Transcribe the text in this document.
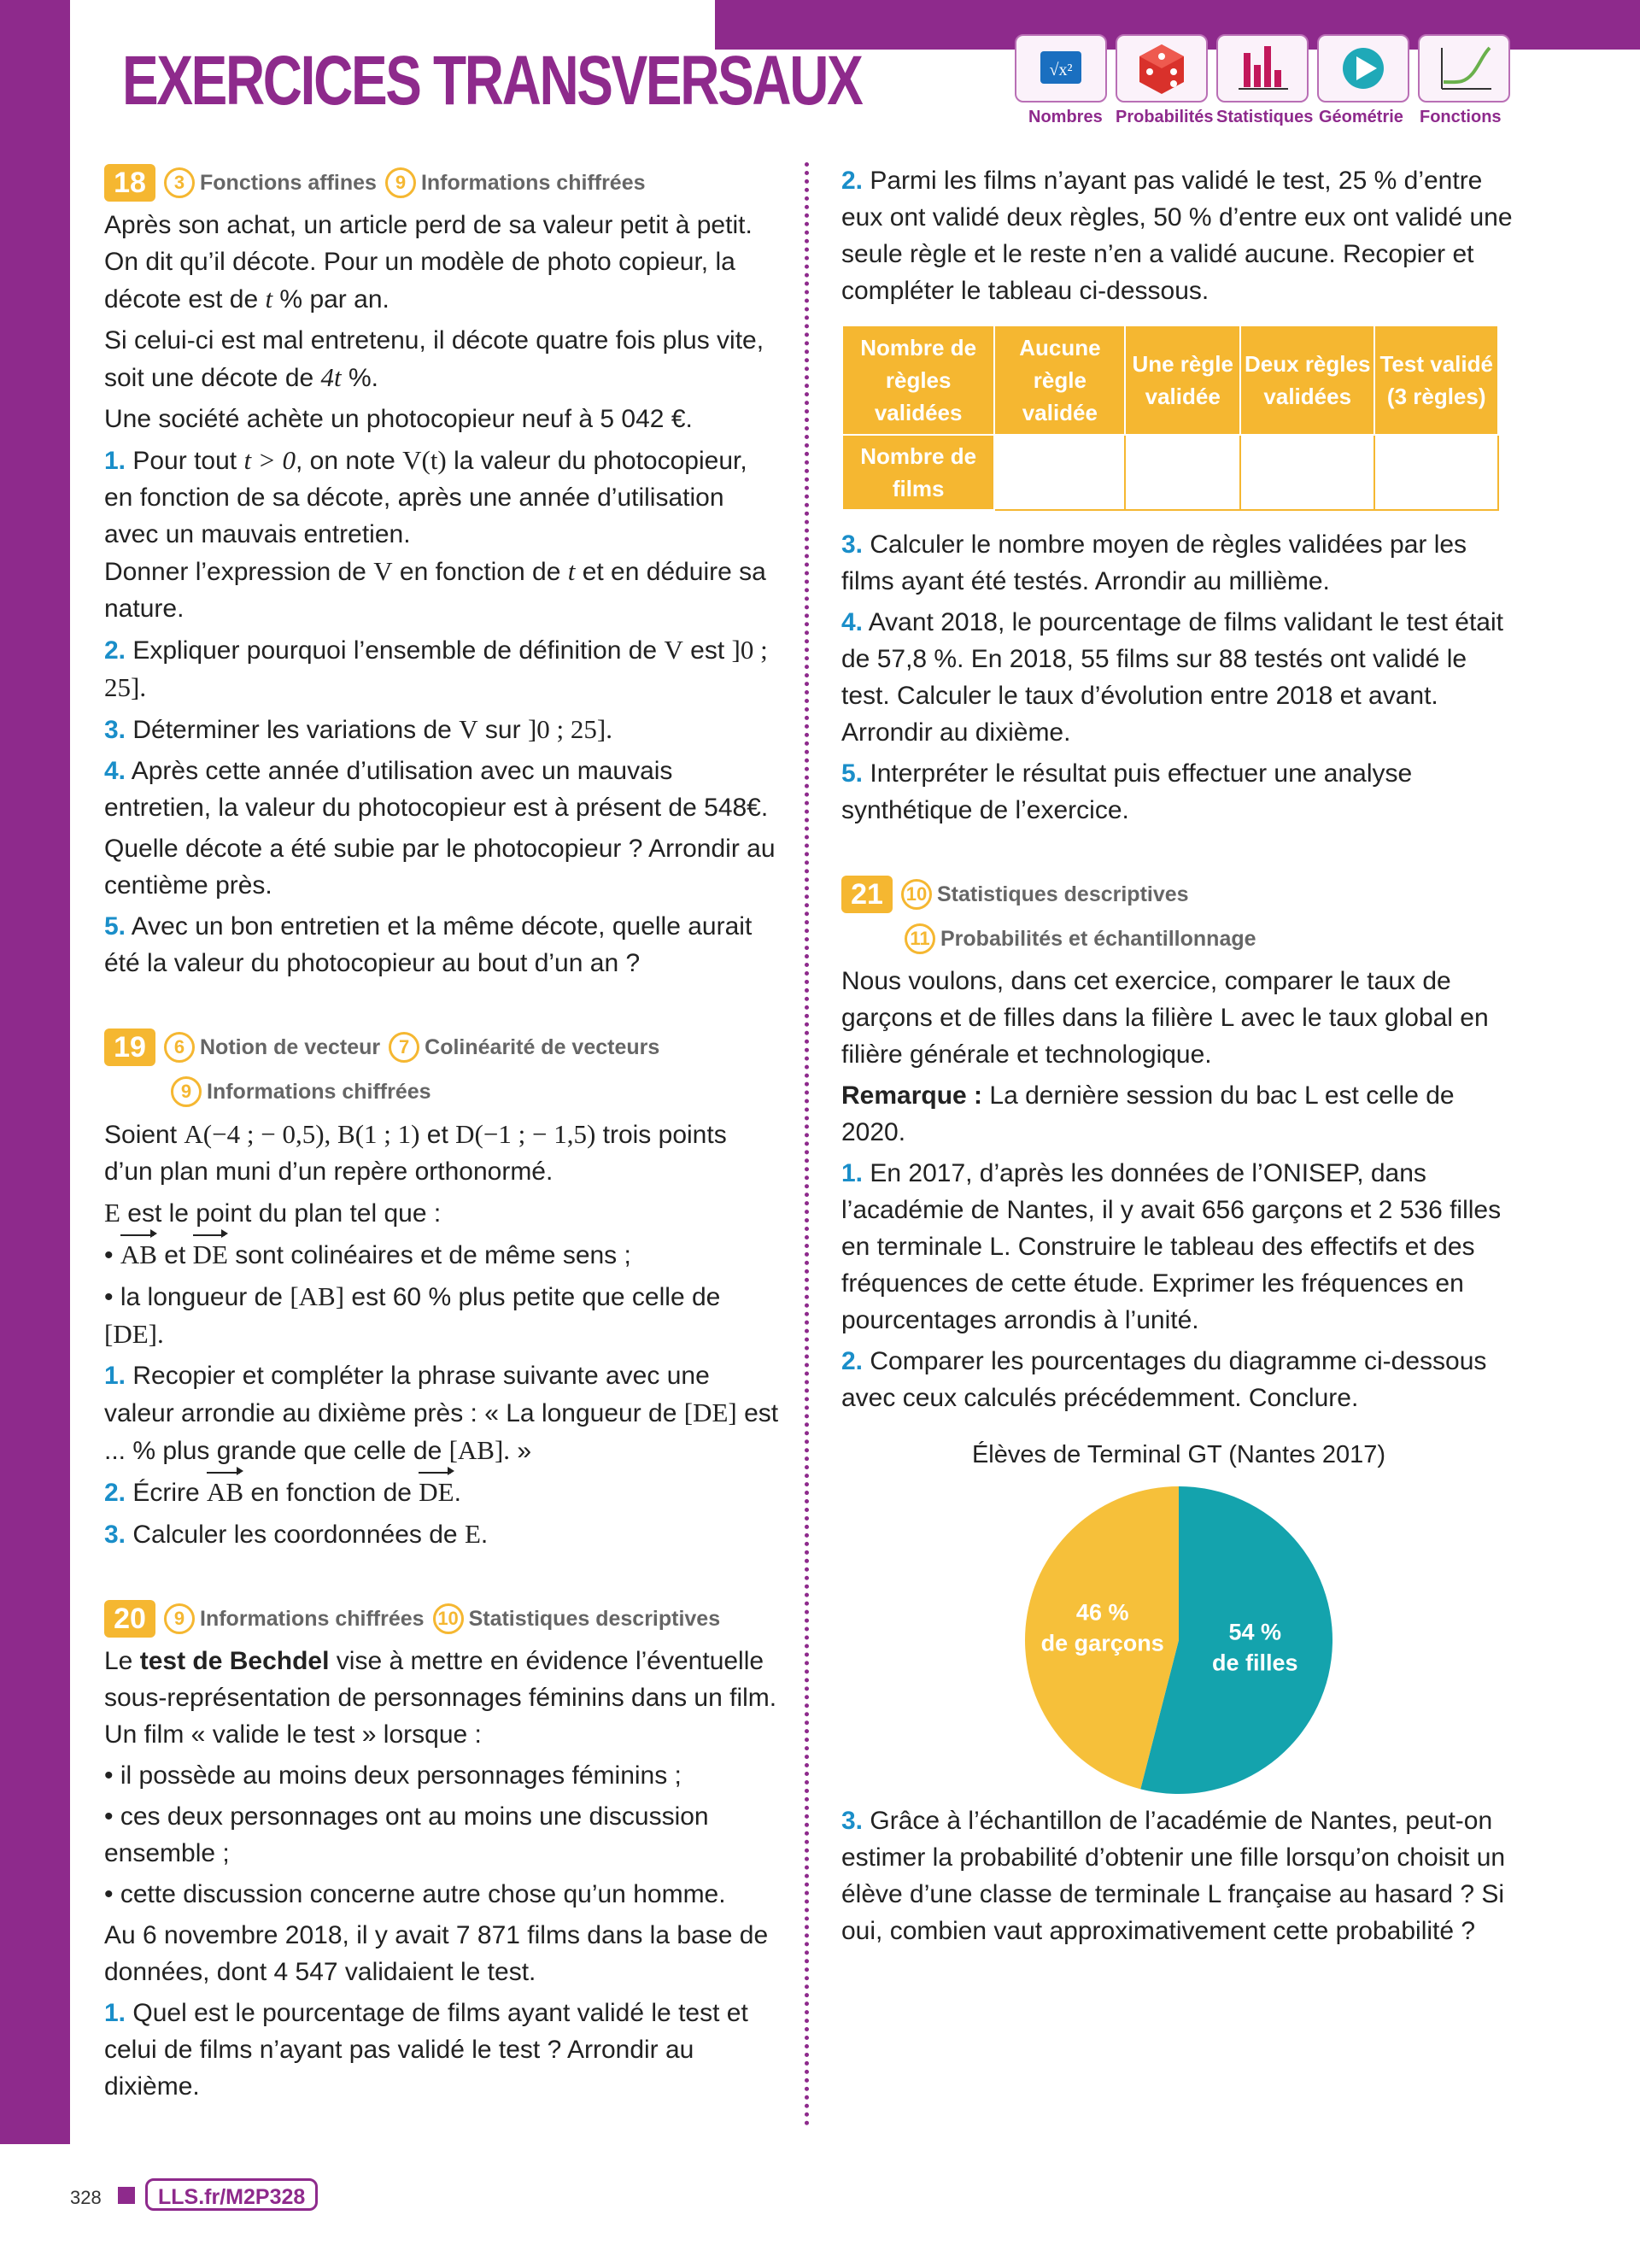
EXERCICES TRANSVERSAUX	√x²
Nombres Probabilités Statistiques Géométrie Fonctions
18	3 Fonctions affines 9 Informations chiffrées

Après son achat, un article perd de sa valeur petit à petit. On dit qu’il décote. Pour un modèle de photo copieur, la décote est de t % par an.

Si celui-ci est mal entretenu, il décote quatre fois plus vite, soit une décote de 4t %.

Une société achète un photocopieur neuf à 5 042 €.

1. Pour tout t > 0, on note V(t) la valeur du photocopieur, en fonction de sa décote, après une année d’utilisation avec un mauvais entretien.
Donner l’expression de V en fonction de t et en déduire sa nature.

2. Expliquer pourquoi l’ensemble de définition de V est ]0 ; 25].

3. Déterminer les variations de V sur ]0 ; 25].

4. Après cette année d’utilisation avec un mauvais entretien, la valeur du photocopieur est à présent de 548€.

Quelle décote a été subie par le photocopieur ? Arrondir au centième près.

5. Avec un bon entretien et la même décote, quelle aurait été la valeur du photocopieur au bout d’un an ?

19	6 Notion de vecteur 7 Colinéarité de vecteurs
9 Informations chiffrées

Soient A(−4 ; − 0,5), B(1 ; 1) et D(−1 ; − 1,5) trois points d’un plan muni d’un repère orthonormé.

E est le point du plan tel que :

• AB et DE sont colinéaires et de même sens ;

• la longueur de [AB] est 60 % plus petite que celle de [DE].

1. Recopier et compléter la phrase suivante avec une valeur arrondie au dixième près : « La longueur de [DE] est ... % plus grande que celle de [AB]. »

2. Écrire AB en fonction de DE.

3. Calculer les coordonnées de E.

20	9 Informations chiffrées 10 Statistiques descriptives

Le test de Bechdel vise à mettre en évidence l’éventuelle sous-représentation de personnages féminins dans un film. Un film « valide le test » lorsque :

• il possède au moins deux personnages féminins ;

• ces deux personnages ont au moins une discussion ensemble ;

• cette discussion concerne autre chose qu’un homme.

Au 6 novembre 2018, il y avait 7 871 films dans la base de données, dont 4 547 validaient le test.

1. Quel est le pourcentage de films ayant validé le test et celui de films n’ayant pas validé le test ? Arrondir au dixième.

2. Parmi les films n’ayant pas validé le test, 25 % d’entre eux ont validé deux règles, 50 % d’entre eux ont validé une seule règle et le reste n’en a validé aucune. Recopier et compléter le tableau ci-dessous.

Nombre de règles validées	Aucune règle validée	Une règle validée	Deux règles validées	Test validé (3 règles)
Nombre de films				

3. Calculer le nombre moyen de règles validées par les films ayant été testés. Arrondir au millième.

4. Avant 2018, le pourcentage de films validant le test était de 57,8 %. En 2018, 55 films sur 88 testés ont validé le test. Calculer le taux d’évolution entre 2018 et avant. Arrondir au dixième.

5. Interpréter le résultat puis effectuer une analyse synthétique de l’exercice.

21	10 Statistiques descriptives
11 Probabilités et échantillonnage

Nous voulons, dans cet exercice, comparer le taux de garçons et de filles dans la filière L avec le taux global en filière générale et technologique.

Remarque : La dernière session du bac L est celle de 2020.

1. En 2017, d’après les données de l’ONISEP, dans l’académie de Nantes, il y avait 656 garçons et 2 536 filles en terminale L. Construire le tableau des effectifs et des fréquences de cette étude. Exprimer les fréquences en pourcentages arrondis à l’unité.

2. Comparer les pourcentages du diagramme ci-dessous avec ceux calculés précédemment. Conclure.

Élèves de Terminal GT (Nantes 2017)
54 %
de filles
46 %
de garçons

3. Grâce à l’échantillon de l’académie de Nantes, peut-on estimer la probabilité d’obtenir une fille lorsqu’on choisit un élève d’une classe de terminale L française au hasard ? Si oui, combien vaut approximativement cette probabilité ?

328	LLS.fr/M2P328
